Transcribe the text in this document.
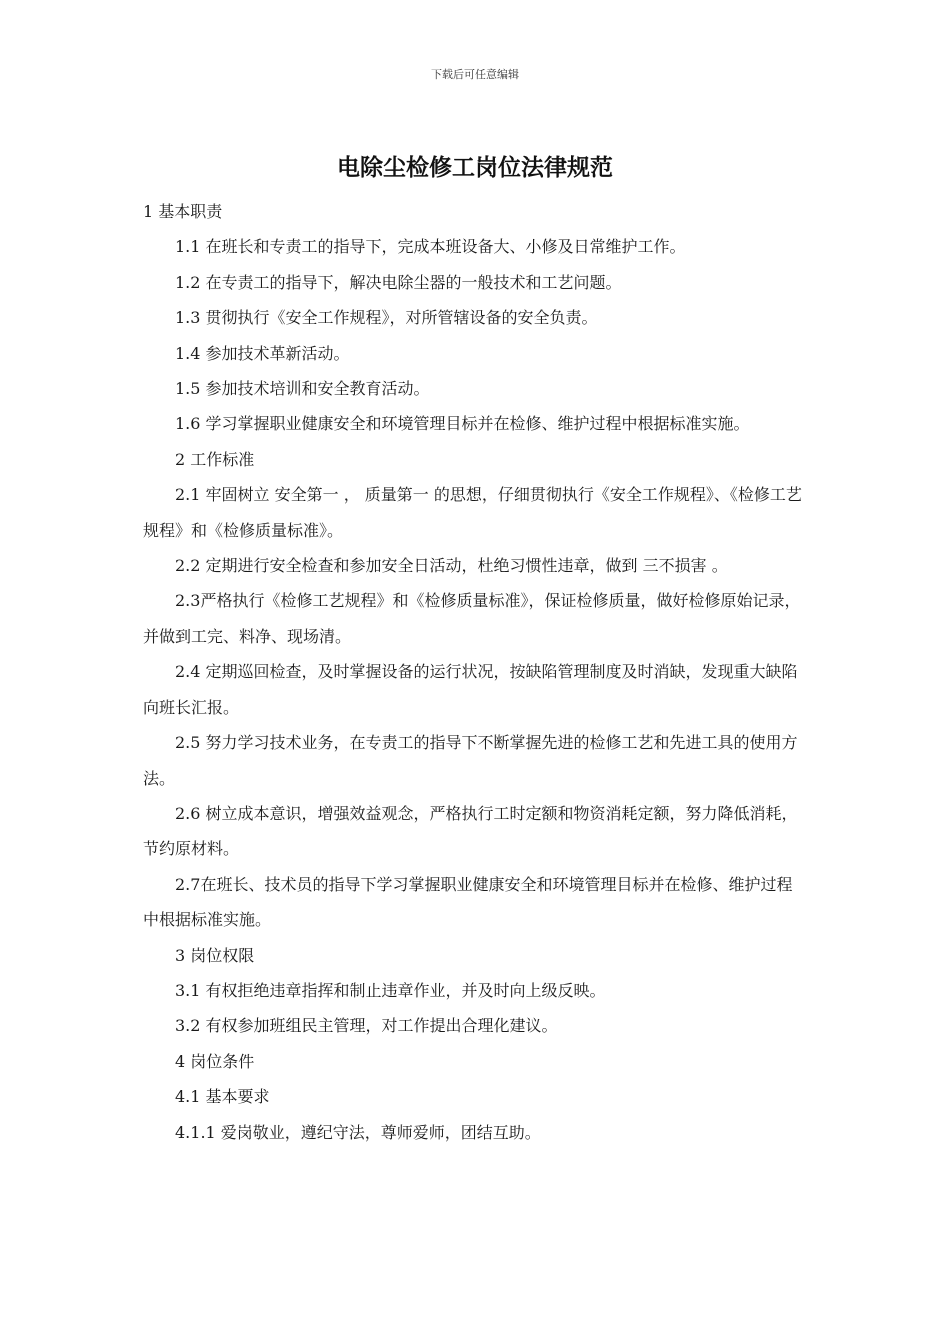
下载后可任意编辑
电除尘检修工岗位法律规范

1 基本职责

1.1 在班长和专责工的指导下，完成本班设备大、小修及日常维护工作。

1.2 在专责工的指导下，解决电除尘器的一般技术和工艺问题。

1.3 贯彻执行《安全工作规程》，对所管辖设备的安全负责。

1.4 参加技术革新活动。

1.5 参加技术培训和安全教育活动。

1.6 学习掌握职业健康安全和环境管理目标并在检修、维护过程中根据标准实施。

2 工作标准

2.1 牢固树立 安全第一 ， 质量第一 的思想，仔细贯彻执行《安全工作规程》、《检修工艺规程》和《检修质量标准》。

2.2 定期进行安全检查和参加安全日活动，杜绝习惯性违章，做到 三不损害 。

2.3严格执行《检修工艺规程》和《检修质量标准》，保证检修质量，做好检修原始记录，并做到工完、料净、现场清。

2.4 定期巡回检查，及时掌握设备的运行状况，按缺陷管理制度及时消缺，发现重大缺陷向班长汇报。

2.5 努力学习技术业务，在专责工的指导下不断掌握先进的检修工艺和先进工具的使用方法。

2.6 树立成本意识，增强效益观念，严格执行工时定额和物资消耗定额，努力降低消耗，节约原材料。

2.7在班长、技术员的指导下学习掌握职业健康安全和环境管理目标并在检修、维护过程中根据标准实施。

3 岗位权限

3.1 有权拒绝违章指挥和制止违章作业，并及时向上级反映。

3.2 有权参加班组民主管理，对工作提出合理化建议。

4 岗位条件

4.1 基本要求

4.1.1 爱岗敬业，遵纪守法，尊师爱师，团结互助。
